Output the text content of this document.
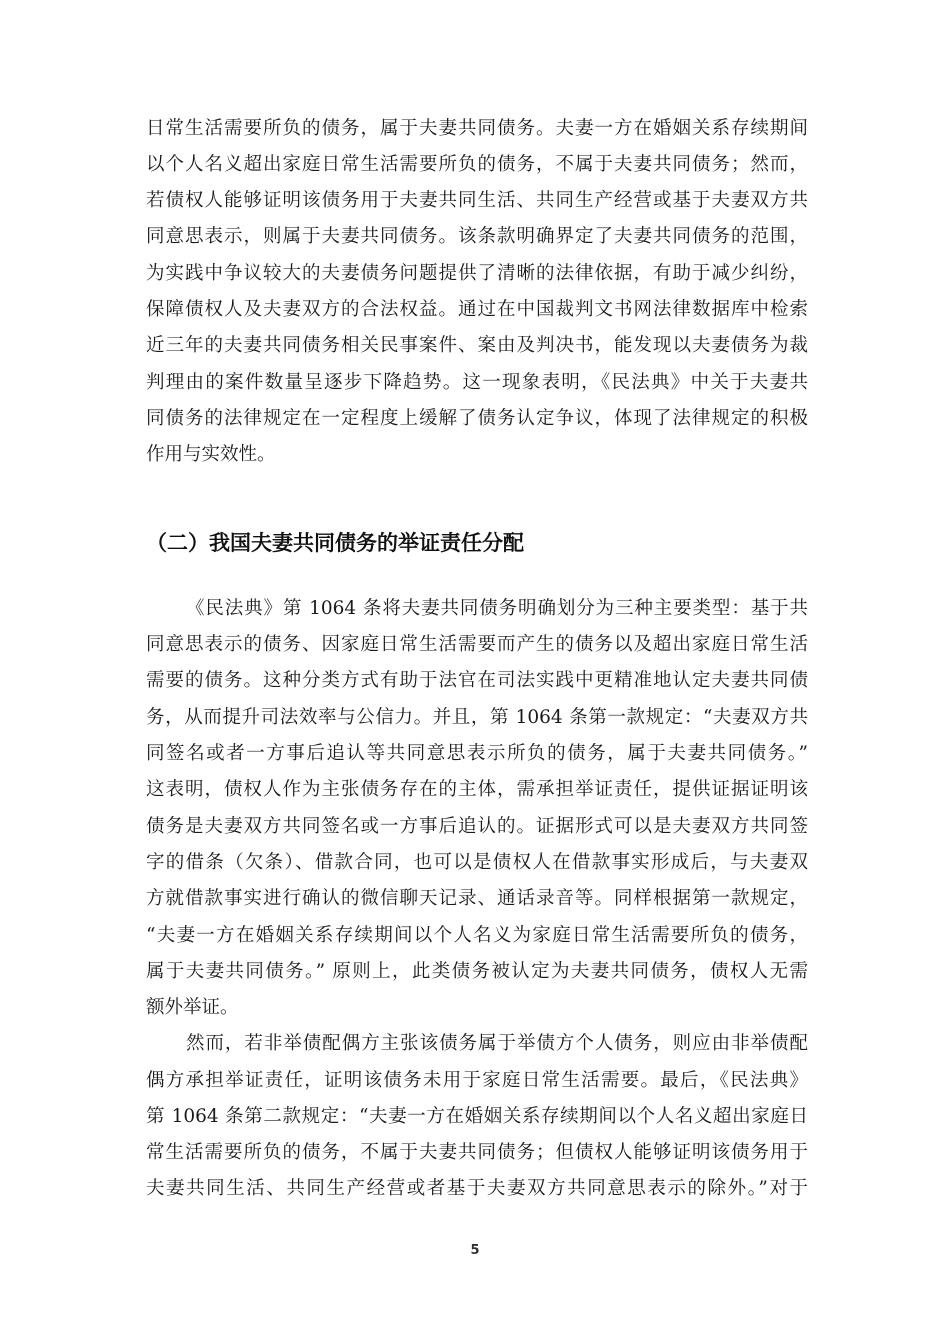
日常生活需要所负的债务，属于夫妻共同债务。夫妻一方在婚姻关系存续期间
以个人名义超出家庭日常生活需要所负的债务，不属于夫妻共同债务；然而，
若债权人能够证明该债务用于夫妻共同生活、共同生产经营或基于夫妻双方共
同意思表示，则属于夫妻共同债务。该条款明确界定了夫妻共同债务的范围，
为实践中争议较大的夫妻债务问题提供了清晰的法律依据，有助于减少纠纷，
保障债权人及夫妻双方的合法权益。通过在中国裁判文书网法律数据库中检索
近三年的夫妻共同债务相关民事案件、案由及判决书，能发现以夫妻债务为裁
判理由的案件数量呈逐步下降趋势。这一现象表明，《民法典》中关于夫妻共
同债务的法律规定在一定程度上缓解了债务认定争议，体现了法律规定的积极
作用与实效性。
（二）我国夫妻共同债务的举证责任分配
《民法典》第 1064 条将夫妻共同债务明确划分为三种主要类型：基于共
同意思表示的债务、因家庭日常生活需要而产生的债务以及超出家庭日常生活
需要的债务。这种分类方式有助于法官在司法实践中更精准地认定夫妻共同债
务，从而提升司法效率与公信力。并且，第 1064 条第一款规定：“夫妻双方共
同签名或者一方事后追认等共同意思表示所负的债务，属于夫妻共同债务。”
这表明，债权人作为主张债务存在的主体，需承担举证责任，提供证据证明该
债务是夫妻双方共同签名或一方事后追认的。证据形式可以是夫妻双方共同签
字的借条（欠条）、借款合同，也可以是债权人在借款事实形成后，与夫妻双
方就借款事实进行确认的微信聊天记录、通话录音等。同样根据第一款规定，
“夫妻一方在婚姻关系存续期间以个人名义为家庭日常生活需要所负的债务，
属于夫妻共同债务。” 原则上，此类债务被认定为夫妻共同债务，债权人无需
额外举证。
然而，若非举债配偶方主张该债务属于举债方个人债务，则应由非举债配
偶方承担举证责任，证明该债务未用于家庭日常生活需要。最后，《民法典》
第 1064 条第二款规定：“夫妻一方在婚姻关系存续期间以个人名义超出家庭日
常生活需要所负的债务，不属于夫妻共同债务；但债权人能够证明该债务用于
夫妻共同生活、共同生产经营或者基于夫妻双方共同意思表示的除外。”对于
5
